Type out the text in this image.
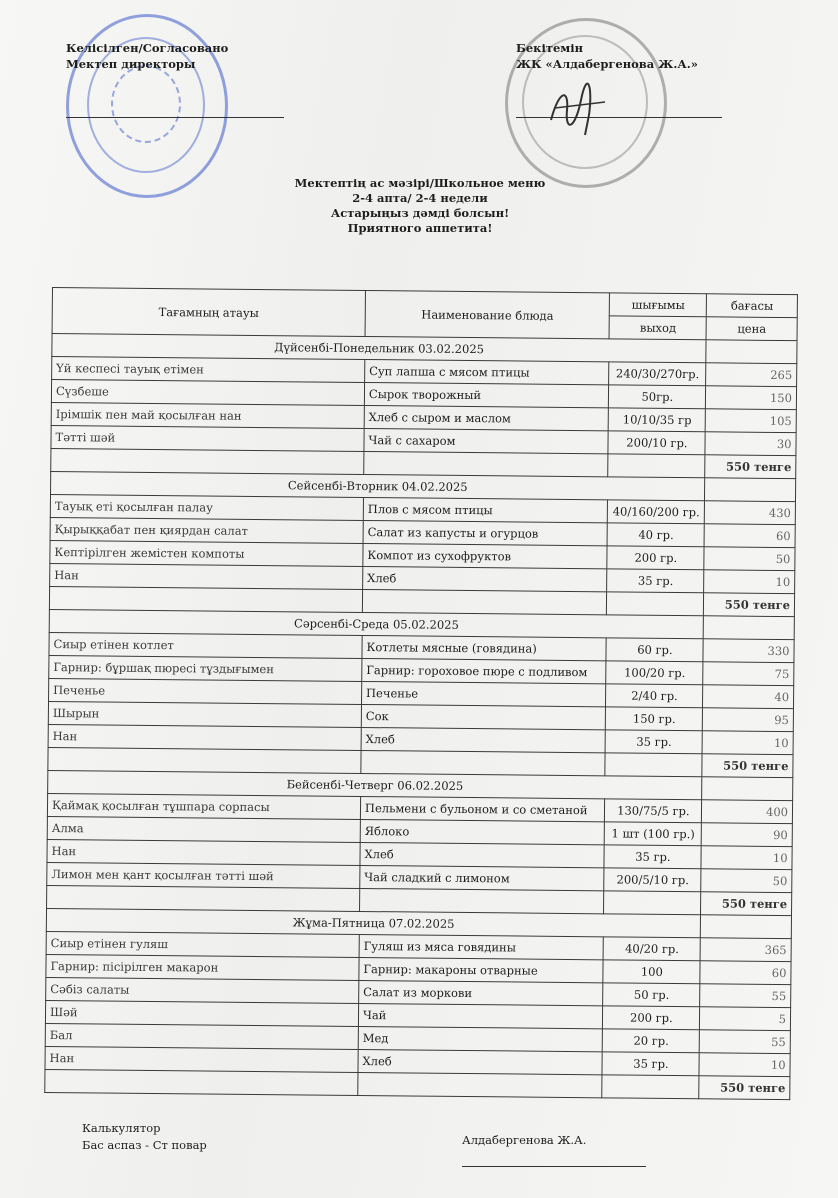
Келісілген/Согласовано
Мектеп директоры
Бекітемін
ЖК «Алдабергенова Ж.А.»
Мектептің ас мәзірі/Школьное меню
2-4 апта/ 2-4 недели
Астарыңыз дәмді болсын!
Приятного аппетита!
Тағамның атауы	Наименование блюда	шығымы	бағасы
		выход	цена
Дүйсенбі-Понедельник 03.02.2025			
Үй кеспесі тауық етімен	Суп лапша с мясом птицы	240/30/270гр.	265
Сүзбеше	Сырок творожный	50гр.	150
Ірімшік пен май қосылған нан	Хлеб с сыром и маслом	10/10/35 гр	105
Тәтті шәй	Чай с сахаром	200/10 гр.	30
			550 тенге
Сейсенбі-Вторник 04.02.2025			
Тауық еті қосылған палау	Плов с мясом птицы	40/160/200 гр.	430
Қырыққабат пен қиярдан салат	Салат из капусты и огурцов	40 гр.	60
Кептірілген жемістен компоты	Компот из сухофруктов	200 гр.	50
Нан	Хлеб	35 гр.	10
			550 тенге
Сәрсенбі-Среда 05.02.2025			
Сиыр етінен котлет	Котлеты мясные (говядина)	60 гр.	330
Гарнир: бұршақ пюресі тұздығымен	Гарнир: гороховое пюре с подливом	100/20 гр.	75
Печенье	Печенье	2/40 гр.	40
Шырын	Сок	150 гр.	95
Нан	Хлеб	35 гр.	10
			550 тенге
Бейсенбі-Четверг 06.02.2025			
Қаймақ қосылған тұшпара сорпасы	Пельмени с бульоном и со сметаной	130/75/5 гр.	400
Алма	Яблоко	1 шт (100 гр.)	90
Нан	Хлеб	35 гр.	10
Лимон мен қант қосылған тәтті шәй	Чай сладкий с лимоном	200/5/10 гр.	50
			550 тенге
Жұма-Пятница 07.02.2025			
Сиыр етінен гуляш	Гуляш из мяса говядины	40/20 гр.	365
Гарнир: пісірілген макарон	Гарнир: макароны отварные	100	60
Сәбіз салаты	Салат из моркови	50 гр.	55
Шәй	Чай	200 гр.	5
Бал	Мед	20 гр.	55
Нан	Хлеб	35 гр.	10
			550 тенге
Калькулятор
Бас аспаз - Ст повар	Алдабергенова Ж.А.
